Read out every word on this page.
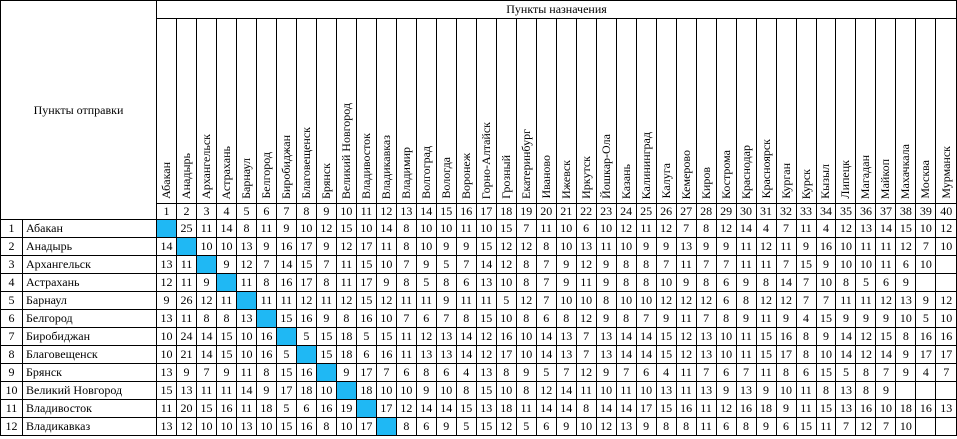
Пункты отправки		Пункты назначения																																							
		Абакан	Анадырь	Архангельск	Астрахань	Барнаул	Белгород	Биробиджан	Благовещенск	Брянск	Великий Новгород	Владивосток	Владикавказ	Владимир	Волгоград	Вологда	Воронеж	Горно-Алтайск	Грозный	Екатеринбург	Иваново	Ижевск	Иркутск	Йошкар-Ола	Казань	Калининград	Калуга	Кемерово	Киров	Кострома	Краснодар	Красноярск	Курган	Курск	Кызыл	Липецк	Магадан	Майкоп	Махачкала	Москва	Мурманск
		1	2	3	4	5	6	7	8	9	10	11	12	13	14	15	16	17	18	19	20	21	22	23	24	25	26	27	28	29	30	31	32	33	34	35	36	37	38	39	40
1	Абакан		25	11	14	8	11	9	10	12	15	10	14	8	10	10	11	10	15	7	11	10	6	10	12	11	12	7	8	12	14	4	7	11	4	12	13	14	15	10	12
2	Анадырь	14		10	10	13	9	16	17	9	12	17	11	8	10	9	9	15	12	12	8	10	13	11	10	9	9	13	9	9	11	12	11	9	16	10	11	11	12	7	10
3	Архангельск	13	11		9	12	7	14	15	7	11	15	10	7	9	5	7	14	12	8	7	9	12	9	8	8	7	11	7	7	11	11	7	15	9	10	10	11	6	10	
4	Астрахань	12	11	9		11	8	16	17	8	11	17	9	8	5	8	6	13	10	8	7	9	11	9	8	8	10	9	8	6	9	8	14	7	10	8	5	6	9		
5	Барнаул	9	26	12	11		11	11	12	11	12	15	12	11	11	9	11	11	5	12	7	10	10	8	10	10	12	12	12	6	8	12	12	7	7	11	11	12	13	9	12
6	Белгород	13	11	8	8	13		15	16	9	8	16	10	7	6	7	8	15	10	8	6	8	12	9	8	7	9	11	7	8	9	11	9	4	15	9	9	9	10	5	10
7	Биробиджан	10	24	14	15	10	16		5	15	18	5	15	11	12	13	14	12	16	10	14	13	7	13	14	14	15	12	13	10	11	15	16	8	9	14	12	15	8	16	16
8	Благовещенск	10	21	14	15	10	16	5		15	18	6	16	11	13	13	14	12	17	10	14	13	7	13	14	14	15	12	13	10	11	15	17	8	10	14	12	14	9	17	17
9	Брянск	13	9	7	9	11	8	15	16		9	17	7	6	8	6	4	13	8	9	5	7	12	9	7	6	4	11	7	6	7	11	8	6	15	5	8	7	9	4	7
10	Великий Новгород	15	13	11	11	14	9	17	18	10		18	10	10	9	10	8	15	10	8	12	14	11	10	11	10	13	11	13	9	13	9	10	11	8	13	8	9			
11	Владивосток	11	20	15	16	11	18	5	6	16	19		17	12	14	14	15	13	18	11	14	14	8	14	14	17	15	16	11	12	16	18	9	11	15	13	16	10	18	16	13
12	Владикавказ	13	12	10	10	13	10	15	16	8	10	17		8	6	9	5	15	12	5	6	9	10	12	13	9	8	8	11	6	8	9	6	15	11	7	12	7	10		
